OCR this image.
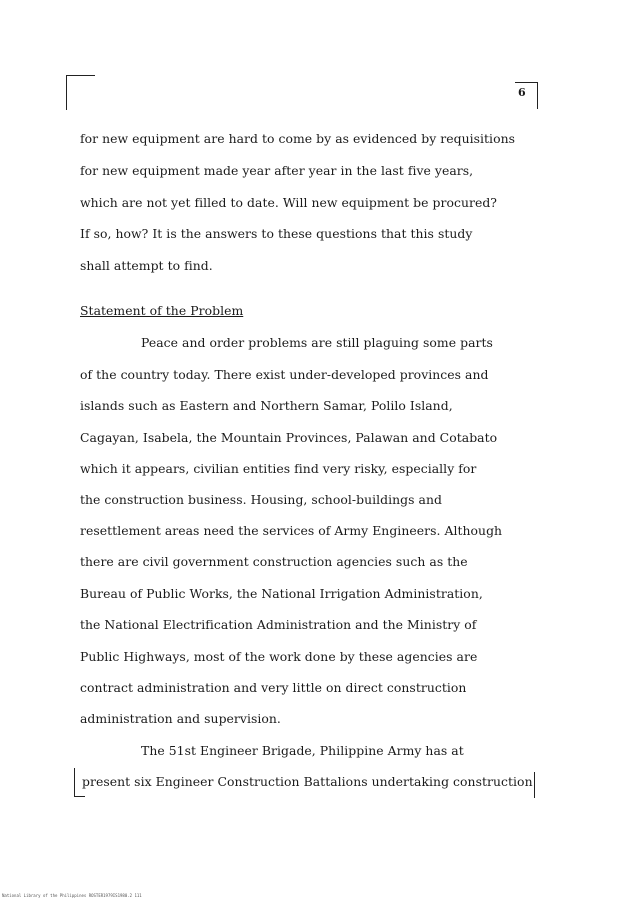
6
for new equipment are hard to come by as evidenced by requisitions
for new equipment made year after year in the last five years,
which are not yet filled to date. Will new equipment be procured?
If so, how? It is the answers to these questions that this study
shall attempt to find.
Statement of the Problem
Peace and order problems are still plaguing some parts
of the country today. There exist under-developed provinces and
islands such as Eastern and Northern Samar, Polilo Island,
Cagayan, Isabela, the Mountain Provinces, Palawan and Cotabato
which it appears, civilian entities find very risky, especially for
the construction business. Housing, school-buildings and
resettlement areas need the services of Army Engineers. Although
there are civil government construction agencies such as the
Bureau of Public Works, the National Irrigation Administration,
the National Electrification Administration and the Ministry of
Public Highways, most of the work done by these agencies are
contract administration and very little on direct construction
administration and supervision.
The 51st Engineer Brigade, Philippine Army has at
present six Engineer Construction Battalions undertaking construction
National Library of the Philippines ROSTER1979IS1980.2 111
